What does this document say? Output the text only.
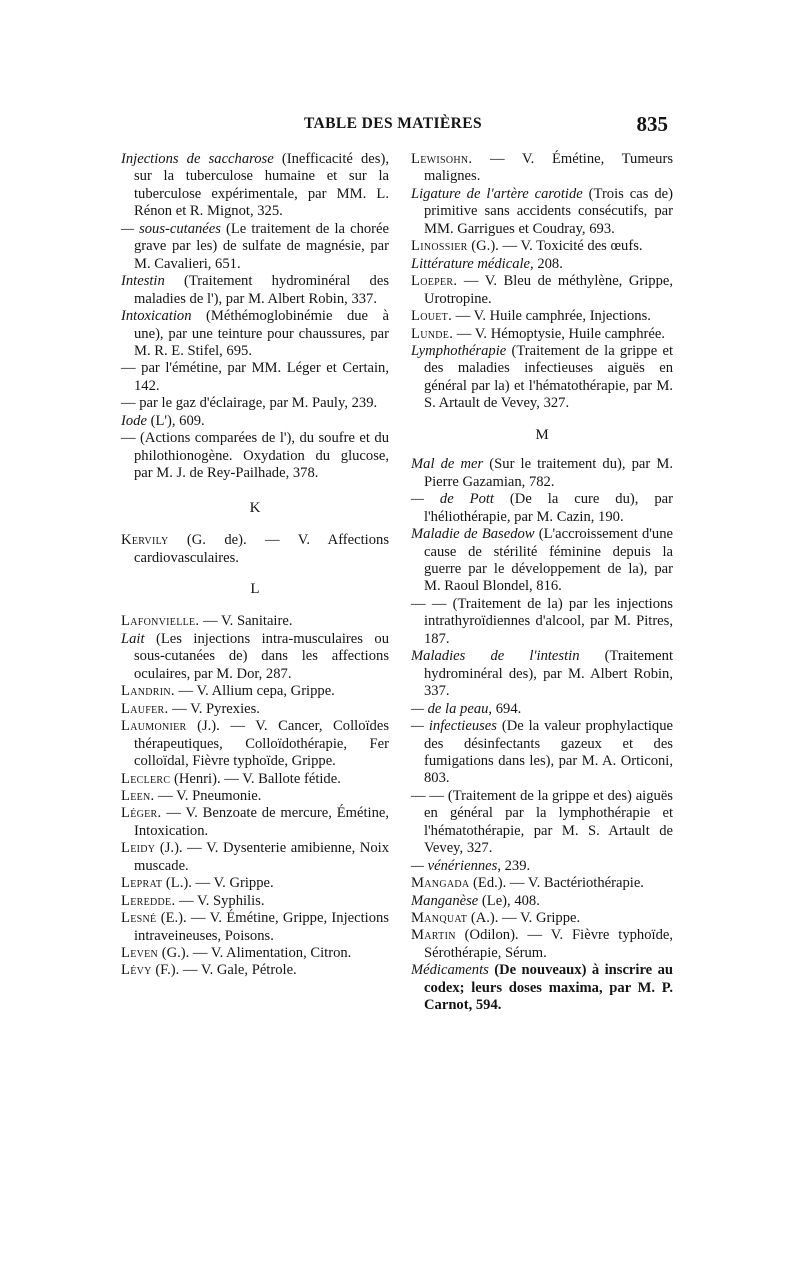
TABLE DES MATIÈRES	835
Injections de saccharose (Inefficacité des), sur la tuberculose humaine et sur la tuberculose expérimentale, par MM. L. Rénon et R. Mignot, 325.
— sous-cutanées (Le traitement de la chorée grave par les) de sulfate de magnésie, par M. Cavalieri, 651.
Intestin (Traitement hydrominéral des maladies de l'), par M. Albert Robin, 337.
Intoxication (Méthémoglobinémie due à une), par une teinture pour chaussures, par M. R. E. Stifel, 695.
— par l'émétine, par MM. Léger et Certain, 142.
— par le gaz d'éclairage, par M. Pauly, 239.
Iode (L'), 609.
— (Actions comparées de l'), du soufre et du philothionogène. Oxydation du glucose, par M. J. de Rey-Pailhade, 378.
K
Kervily (G. de). — V. Affections cardiovasculaires.
L
Lafonvielle. — V. Sanitaire.
Lait (Les injections intra-musculaires ou sous-cutanées de) dans les affections oculaires, par M. Dor, 287.
Landrin. — V. Allium cepa, Grippe.
Laufer. — V. Pyrexies.
Laumonier (J.). — V. Cancer, Colloïdes thérapeutiques, Colloïdothérapie, Fer colloïdal, Fièvre typhoïde, Grippe.
Leclerc (Henri). — V. Ballote fétide.
Leen. — V. Pneumonie.
Léger. — V. Benzoate de mercure, Émétine, Intoxication.
Leidy (J.). — V. Dysenterie amibienne, Noix muscade.
Leprat (L.). — V. Grippe.
Leredde. — V. Syphilis.
Lesné (E.). — V. Émétine, Grippe, Injections intraveineuses, Poisons.
Leven (G.). — V. Alimentation, Citron.
Lévy (F.). — V. Gale, Pétrole.
Lewisohn. — V. Émétine, Tumeurs malignes.
Ligature de l'artère carotide (Trois cas de) primitive sans accidents consécutifs, par MM. Garrigues et Coudray, 693.
Linossier (G.). — V. Toxicité des œufs.
Littérature médicale, 208.
Loeper. — V. Bleu de méthylène, Grippe, Urotropine.
Louet. — V. Huile camphrée, Injections.
Lunde. — V. Hémoptysie, Huile camphrée.
Lymphothérapie (Traitement de la grippe et des maladies infectieuses aiguës en général par la) et l'hématothérapie, par M. S. Artault de Vevey, 327.
M
Mal de mer (Sur le traitement du), par M. Pierre Gazamian, 782.
— de Pott (De la cure du), par l'héliothérapie, par M. Cazin, 190.
Maladie de Basedow (L'accroissement d'une cause de stérilité féminine depuis la guerre par le développement de la), par M. Raoul Blondel, 816.
— — (Traitement de la) par les injections intrathyroïdiennes d'alcool, par M. Pitres, 187.
Maladies de l'intestin (Traitement hydrominéral des), par M. Albert Robin, 337.
— de la peau, 694.
— infectieuses (De la valeur prophylactique des désinfectants gazeux et des fumigations dans les), par M. A. Orticoni, 803.
— — (Traitement de la grippe et des) aiguës en général par la lymphothérapie et l'hématothérapie, par M. S. Artault de Vevey, 327.
— vénériennes, 239.
Mangada (Ed.). — V. Bactériothérapie.
Manganèse (Le), 408.
Manquat (A.). — V. Grippe.
Martin (Odilon). — V. Fièvre typhoïde, Sérothérapie, Sérum.
Médicaments (De nouveaux) à inscrire au codex; leurs doses maxima, par M. P. Carnot, 594.
